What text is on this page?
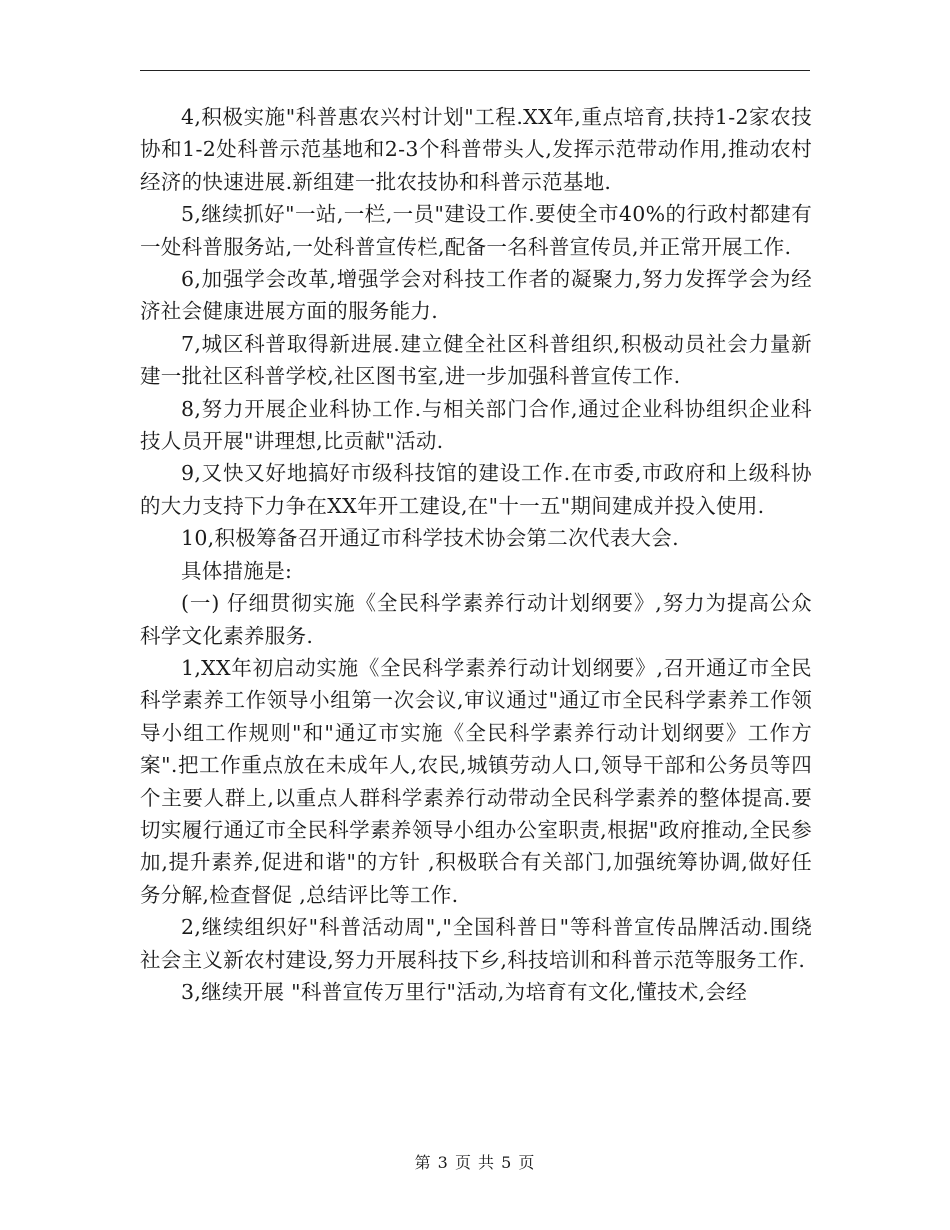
4,积极实施"科普惠农兴村计划"工程.XX年,重点培育,扶持1-2家农技协和1-2处科普示范基地和2-3个科普带头人,发挥示范带动作用,推动农村经济的快速进展.新组建一批农技协和科普示范基地.

5,继续抓好"一站,一栏,一员"建设工作.要使全市40%的行政村都建有一处科普服务站,一处科普宣传栏,配备一名科普宣传员,并正常开展工作.

6,加强学会改革,增强学会对科技工作者的凝聚力,努力发挥学会为经济社会健康进展方面的服务能力.

7,城区科普取得新进展.建立健全社区科普组织,积极动员社会力量新建一批社区科普学校,社区图书室,进一步加强科普宣传工作.

8,努力开展企业科协工作.与相关部门合作,通过企业科协组织企业科技人员开展"讲理想,比贡献"活动.

9,又快又好地搞好市级科技馆的建设工作.在市委,市政府和上级科协的大力支持下力争在XX年开工建设,在"十一五"期间建成并投入使用.

10,积极筹备召开通辽市科学技术协会第二次代表大会.

具体措施是:

(一) 仔细贯彻实施《全民科学素养行动计划纲要》,努力为提高公众科学文化素养服务.

1,XX年初启动实施《全民科学素养行动计划纲要》,召开通辽市全民科学素养工作领导小组第一次会议,审议通过"通辽市全民科学素养工作领导小组工作规则"和"通辽市实施《全民科学素养行动计划纲要》工作方案".把工作重点放在未成年人,农民,城镇劳动人口,领导干部和公务员等四个主要人群上,以重点人群科学素养行动带动全民科学素养的整体提高.要切实履行通辽市全民科学素养领导小组办公室职责,根据"政府推动,全民参加,提升素养,促进和谐"的方针 ,积极联合有关部门,加强统筹协调,做好任务分解,检查督促 ,总结评比等工作.

2,继续组织好"科普活动周","全国科普日"等科普宣传品牌活动.围绕社会主义新农村建设,努力开展科技下乡,科技培训和科普示范等服务工作.

3,继续开展 "科普宣传万里行"活动,为培育有文化,懂技术,会经

第 3 页 共 5 页
